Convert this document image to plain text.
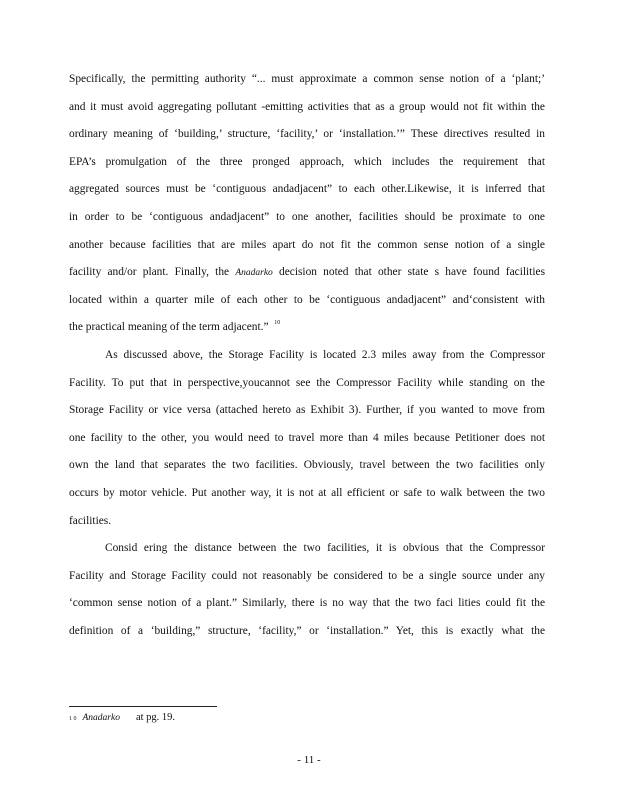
Specifically, the permitting authority “... must approximate a common sense notion of a ‘plant;’
and it must avoid aggregating pollutant -emitting activities that as a group would not fit within the
ordinary meaning of ‘building,’ structure, ‘facility,’ or ‘installation.’” These directives resulted in
EPA’s promulgation of the three pronged approach, which includes the requirement that
aggregated sources must be ‘contiguous andadjacent” to each other.Likewise, it is inferred that
in order to be ‘contiguous andadjacent” to one another, facilities should be proximate to one
another because facilities that are miles apart do not fit the common sense notion of a single
facility and/or plant. Finally, the Anadarko decision noted that other state s have found facilities
located within a quarter mile of each other to be ‘contiguous andadjacent” and‘consistent with
the practical meaning of the term adjacent.” $^{10}$
As discussed above, the Storage Facility is located 2.3 miles away from the Compressor
Facility. To put that in perspective,youcannot see the Compressor Facility while standing on the
Storage Facility or vice versa (attached hereto as Exhibit 3). Further, if you wanted to move from
one facility to the other, you would need to travel more than 4 miles because Petitioner does not
own the land that separates the two facilities. Obviously, travel between the two facilities only
occurs by motor vehicle. Put another way, it is not at all efficient or safe to walk between the two
facilities.
Consid ering the distance between the two facilities, it is obvious that the Compressor
Facility and Storage Facility could not reasonably be considered to be a single source under any
‘common sense notion of a plant.” Similarly, there is no way that the two faci lities could fit the
definition of a ‘building,” structure, ‘facility,” or ‘installation.” Yet, this is exactly what the
1 0 Anadarko at pg. 19.
- 11 -
